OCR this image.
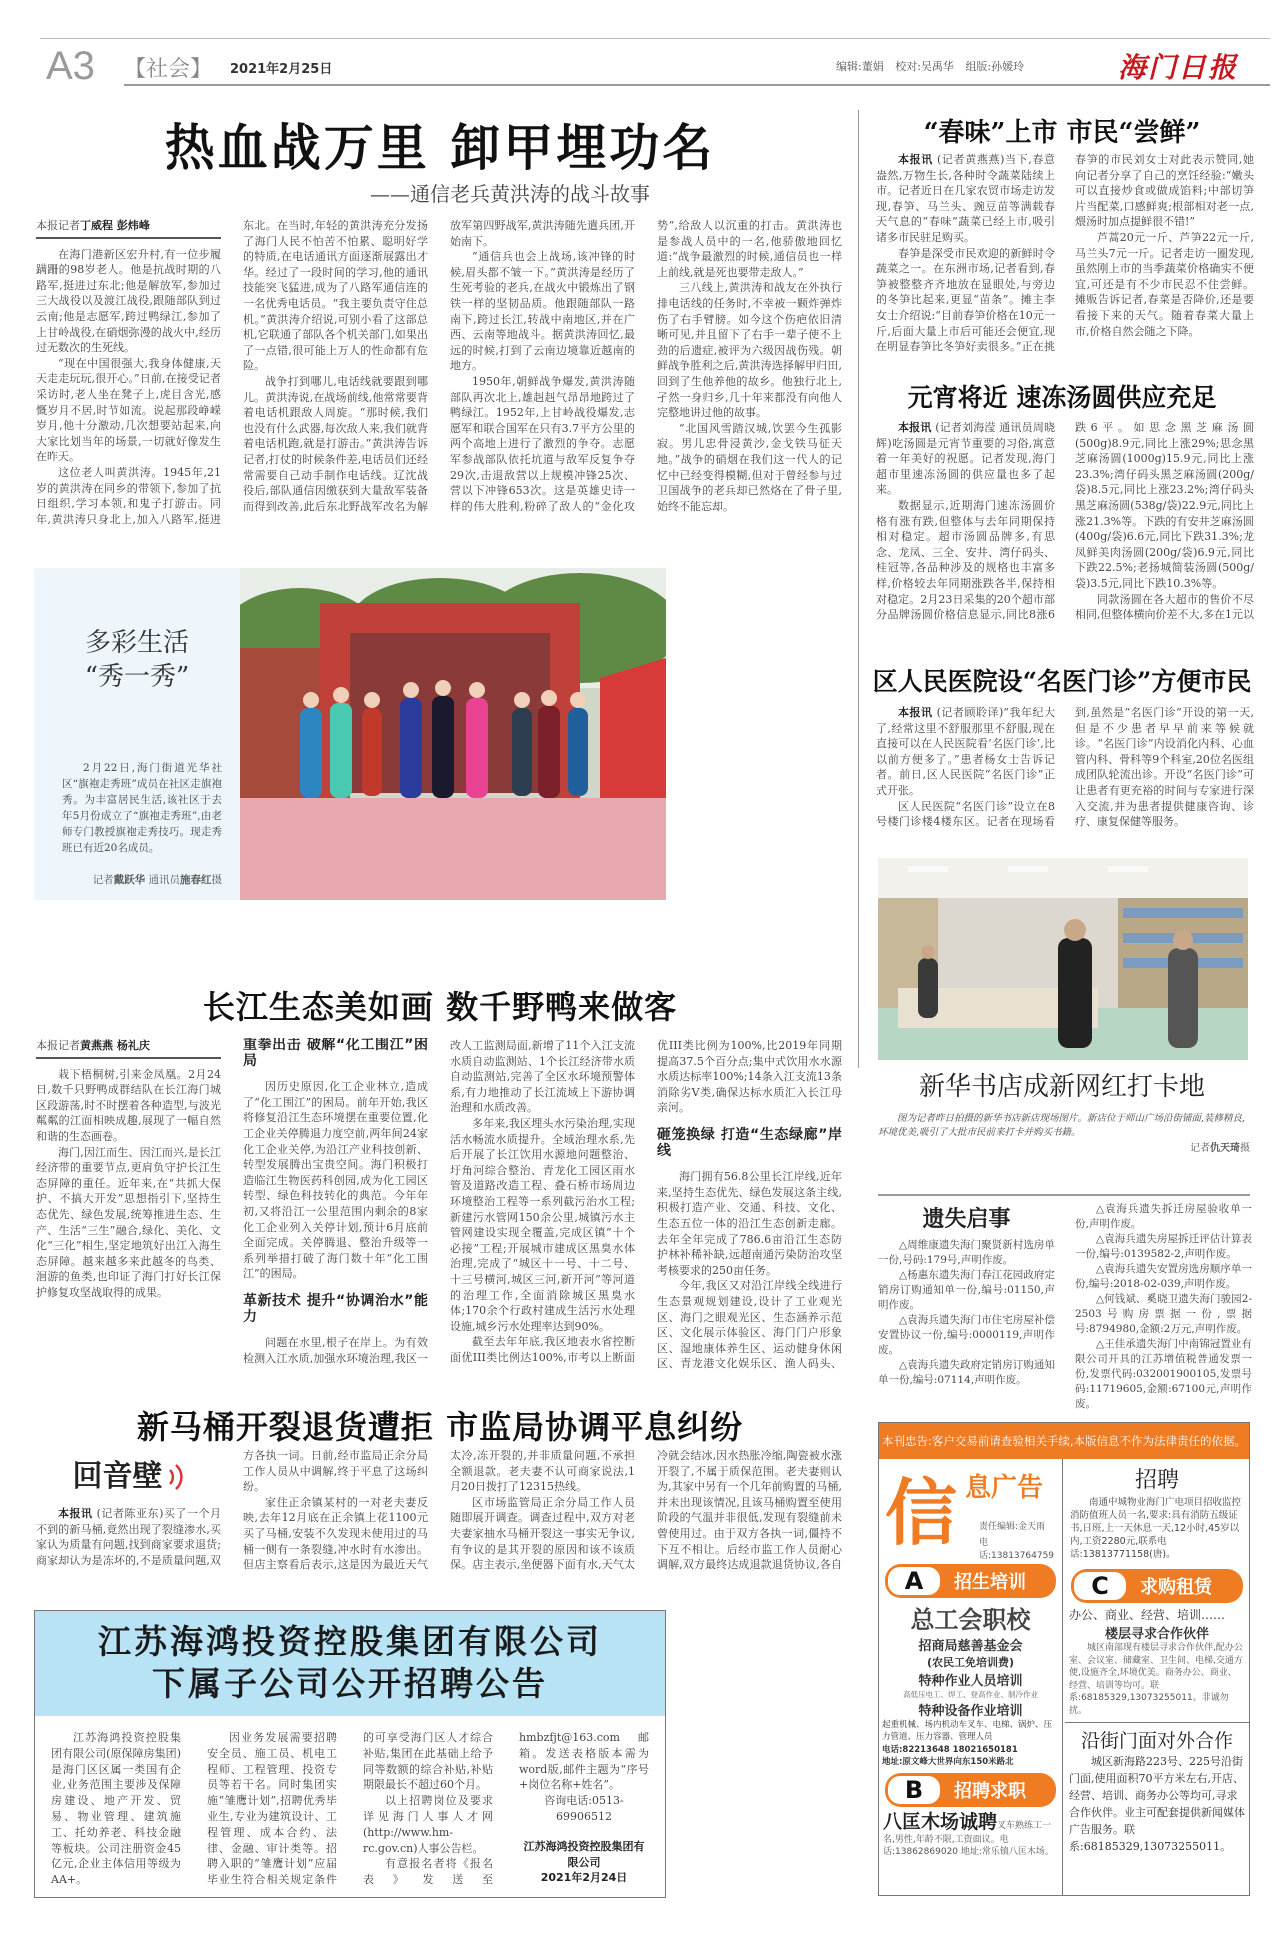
A3 【社会】 2021年2月25日	编辑:董娟 校对:吴禹华 组版:孙媛玲	海门日报
热血战万里 卸甲埋功名
——通信老兵黄洪涛的战斗故事

本报记者丁威程 彭炜峰

在海门港新区宏升村,有一位步履蹒跚的98岁老人。他是抗战时期的八路军,挺进过东北;他是解放军,参加过三大战役以及渡江战役,跟随部队到过云南;他是志愿军,跨过鸭绿江,参加了上甘岭战役,在硝烟弥漫的战火中,经历过无数次的生死线。

“现在中国很强大,我身体健康,天天走走玩玩,很开心。”日前,在接受记者采访时,老人坐在凳子上,虎目含光,感慨岁月不居,时节如流。说起那段峥嵘岁月,他十分激动,几次想要站起来,向大家比划当年的场景,一切就好像发生在昨天。

这位老人叫黄洪涛。1945年,21岁的黄洪涛在同乡的带领下,参加了抗日组织,学习本领,和鬼子打游击。同年,黄洪涛只身北上,加入八路军,挺进东北。在当时,年轻的黄洪涛充分发扬了海门人民不怕苦不怕累、聪明好学的特质,在电话通讯方面逐渐展露出才华。经过了一段时间的学习,他的通讯技能突飞猛进,成为了八路军通信连的一名优秀电话员。“我主要负责守住总机。”黄洪涛介绍说,可别小看了这部总机,它联通了部队各个机关部门,如果出了一点错,很可能上万人的性命都有危险。

战争打到哪儿,电话线就要跟到哪儿。黄洪涛说,在战场前线,他常常要背着电话机跟敌人周旋。“那时候,我们也没有什么武器,每次敌人来,我们就背着电话机跑,就是打游击。”黄洪涛告诉记者,打仗的时候条件差,电话员们还经常需要自己动手制作电话线。辽沈战役后,部队通信因缴获到大量敌军装备而得到改善,此后东北野战军改名为解放军第四野战军,黄洪涛随先遣兵团,开始南下。

“通信兵也会上战场,该冲锋的时候,眉头都不皱一下。”黄洪涛是经历了生死考验的老兵,在战火中锻炼出了钢铁一样的坚韧品质。他跟随部队一路南下,跨过长江,转战中南地区,并在广西、云南等地战斗。据黄洪涛回忆,最远的时候,打到了云南边境靠近越南的地方。

1950年,朝鲜战争爆发,黄洪涛随部队再次北上,雄赳赳气昂昂地跨过了鸭绿江。1952年,上甘岭战役爆发,志愿军和联合国军在只有3.7平方公里的两个高地上进行了激烈的争夺。志愿军参战部队依托坑道与敌军反复争夺29次,击退敌营以上规模冲锋25次、营以下冲锋653次。这是英雄史诗一样的伟大胜利,粉碎了敌人的“金化攻势”,给敌人以沉重的打击。黄洪涛也是参战人员中的一名,他骄傲地回忆道:“战争最激烈的时候,通信员也一样上前线,就是死也要带走敌人。”

三八线上,黄洪涛和战友在外执行排电话线的任务时,不幸被一颗炸弹炸伤了右手臂膀。如今这个伤疤依旧清晰可见,并且留下了右手一辈子使不上劲的后遗症,被评为六级因战伤残。朝鲜战争胜利之后,黄洪涛选择解甲归田,回到了生他养他的故乡。他独行北上,孑然一身归乡,几十年来都没有向他人完整地讲过他的故事。

“北国风雪踏汉城,饮罢今生孤影寂。男儿忠骨浸黄沙,金戈铁马征天地。”战争的硝烟在我们这一代人的记忆中已经变得模糊,但对于曾经参与过卫国战争的老兵却已然烙在了骨子里,始终不能忘却。

多彩生活
“秀一秀”

2月22日,海门街道光华社区“旗袍走秀班”成员在社区走旗袍秀。为丰富居民生活,该社区于去年5月份成立了“旗袍走秀班”,由老师专门教授旗袍走秀技巧。现走秀班已有近20名成员。

记者戴跃华 通讯员施春红摄
“春味”上市 市民“尝鲜”

本报讯 (记者黄燕燕)当下,春意盎然,万物生长,各种时令蔬菜陆续上市。记者近日在几家农贸市场走访发现,春笋、马兰头、豌豆苗等满载春天气息的“春味”蔬菜已经上市,吸引诸多市民驻足购买。

春笋是深受市民欢迎的新鲜时令蔬菜之一。在东洲市场,记者看到,春笋被整整齐齐地放在显眼处,与旁边的冬笋比起来,更显“苗条”。摊主李女士介绍说:“目前春笋价格在10元一斤,后面大量上市后可能还会便宜,现在明显春笋比冬笋好卖很多。”正在挑春笋的市民刘女士对此表示赞同,她向记者分享了自己的烹饪经验:“嫩头可以直接炒食或做成馅料;中部切笋片当配菜,口感鲜爽;根部相对老一点,煨汤时加点提鲜很不错!”

芦蒿20元一斤、芦笋22元一斤,马兰头7元一斤。记者走访一圈发现,虽然刚上市的当季蔬菜价格确实不便宜,可还是有不少市民忍不住尝鲜。摊贩告诉记者,春菜是否降价,还是要看接下来的天气。随着春菜大量上市,价格自然会随之下降。

元宵将近 速冻汤圆供应充足

本报讯 (记者刘海滢 通讯员周晓辉)吃汤圆是元宵节重要的习俗,寓意着一年美好的祝愿。记者发现,海门超市里速冻汤圆的供应量也多了起来。

数据显示,近期海门速冻汤圆价格有涨有跌,但整体与去年同期保持相对稳定。超市汤圆品牌多,有思念、龙凤、三全、安井、湾仔码头、桂冠等,各品种涉及的规格也丰富多样,价格较去年同期涨跌各半,保持相对稳定。2月23日采集的20个超市部分品牌汤圆价格信息显示,同比8涨6跌6平。如思念黑芝麻汤圆(500g)8.9元,同比上涨29%;思念黑芝麻汤圆(1000g)15.9元,同比上涨23.3%;湾仔码头黑芝麻汤圆(200g/袋)8.5元,同比上涨23.2%;湾仔码头黑芝麻汤圆(538g/袋)22.9元,同比上涨21.3%等。下跌的有安井芝麻汤圆(400g/袋)6.6元,同比下跌31.3%;龙凤鲜美肉汤圆(200g/袋)6.9元,同比下跌22.5%;老扬城简装汤圆(500g/袋)3.5元,同比下跌10.3%等。

同款汤圆在各大超市的售价不尽相同,但整体横向价差不大,多在1元以

区人民医院设“名医门诊”方便市民

本报讯 (记者顾聆译)“我年纪大了,经常这里不舒服那里不舒服,现在直接可以在人民医院看‘名医门诊’,比以前方便多了。”患者杨女士告诉记者。前日,区人民医院“名医门诊”正式开张。

区人民医院“名医门诊”设立在8号楼门诊楼4楼东区。记者在现场看到,虽然是“名医门诊”开设的第一天,但是不少患者早早前来等候就诊。“名医门诊”内设消化内科、心血管内科、骨科等9个科室,20位名医组成团队轮流出诊。开设“名医门诊”可让患者有更充裕的时间与专家进行深入交流,并为患者提供健康咨询、诊疗、康复保健等服务。

新华书店成新网红打卡地

图为记者昨日拍摄的新华书店新店现场图片。新店位于师山广场沿街铺面,装修精良,环境优美,吸引了大批市民前来打卡并购买书籍。

记者仇天琦摄
遗失启事

△周维康遗失海门聚贤新村选房单一份,号码:179号,声明作废。

△杨惠东遗失海门春江花园政府定销房订购通知单一份,编号:01150,声明作废。

△袁海兵遗失海门市住宅房屋补偿安置协议一份,编号:0000119,声明作废。

△袁海兵遗失政府定销房订购通知单一份,编号:07114,声明作废。

△袁海兵遗失拆迁房屋验收单一份,声明作废。

△袁海兵遗失房屋拆迁评估计算表一份,编号:0139582-2,声明作废。

△袁海兵遗失安置房选房顺序单一份,编号:2018-02-039,声明作废。

△何钱斌、奚晓卫遗失海门骏园2-2503号购房票据一份,票据号:8794980,金额:2万元,声明作废。

△王佳承遗失海门中南锦冠置业有限公司开具的江苏增值税普通发票一份,发票代码:032001900105,发票号码:11719605,金额:67100元,声明作废。

长江生态美如画 数千野鸭来做客

本报记者黄燕燕 杨礼庆

栽下梧桐树,引来金凤凰。2月24日,数千只野鸭成群结队在长江海门城区段游荡,时不时摆着各种造型,与波光粼粼的江面相映成趣,展现了一幅自然和谐的生态画卷。

海门,因江而生、因江而兴,是长江经济带的重要节点,更肩负守护长江生态屏障的重任。近年来,在“共抓大保护、不搞大开发”思想指引下,坚持生态优先、绿色发展,统筹推进生态、生产、生活“三生”融合,绿化、美化、文化“三化”相生,坚定地筑好出江入海生态屏障。越来越多来此越冬的鸟类、洄游的鱼类,也印证了海门打好长江保护修复攻坚战取得的成果。

重拳出击 破解“化工围江”困局

因历史原因,化工企业林立,造成了“化工围江”的困局。前年开始,我区将修复沿江生态环境摆在重要位置,化工企业关停腾退力度空前,两年间24家化工企业关停,为沿江产业科技创新、转型发展腾出宝贵空间。海门积极打造临江生物医药科创园,成为化工园区转型、绿色科技转化的典范。今年年初,又将沿江一公里范围内剩余的8家化工企业列入关停计划,预计6月底前全面完成。关停腾退、整治升级等一系列举措打破了海门数十年“化工围江”的困局。

革新技术 提升“协调治水”能力

问题在水里,根子在岸上。为有效检测入江水质,加强水环境治理,我区一改人工监测局面,新增了11个入江支流水质自动监测站、1个长江经济带水质自动监测站,完善了全区水环境预警体系,有力地推动了长江流域上下游协调治理和水质改善。

多年来,我区埋头水污染治理,实现活水畅流水质提升。全域治理水系,先后开展了长江饮用水源地问题整治、圩角河综合整治、青龙化工园区雨水管及道路改造工程、叠石桥市场周边环境整治工程等一系列截污治水工程;新建污水管网150余公里,城镇污水主管网建设实现全覆盖,完成区镇“十个必接”工程;开展城市建成区黑臭水体治理,完成了“城区十一号、十二号、十三号横河,城区三河,新开河”等河道的治理工作,全面消除城区黑臭水体;170余个行政村建成生活污水处理设施,城乡污水处理率达到90%。

截至去年年底,我区地表水省控断面优III类比例达100%,市考以上断面优III类比例为100%,比2019年同期提高37.5个百分点;集中式饮用水水源水质达标率100%;14条入江支流13条消除劣V类,确保达标水质汇入长江母亲河。

砸笼换绿 打造“生态绿廊”岸线

海门拥有56.8公里长江岸线,近年来,坚持生态优先、绿色发展这条主线,积极打造产业、交通、科技、文化、生态五位一体的沿江生态创新走廊。去年全年完成了786.6亩沿江生态防护林补稀补缺,远超南通污染防治攻坚考核要求的250亩任务。

今年,我区又对沿江岸线全线进行生态景观规划建设,设计了工业观光区、海门之眼观光区、生态涵养示范区、文化展示体验区、海门门户形象区、湿地康体养生区、运动健身休闲区、青龙港文化娱乐区、渔人码头、

新马桶开裂退货遭拒 市监局协调平息纠纷
回音壁

本报讯 (记者陈亚东)买了一个月不到的新马桶,竟然出现了裂缝渗水,买家认为质量有问题,找到商家要求退货;商家却认为是冻坏的,不是质量问题,双方各执一词。日前,经市监局正余分局工作人员从中调解,终于平息了这场纠纷。

家住正余镇某村的一对老夫妻反映,去年12月底在正余镇上花1100元买了马桶,安装不久发现未使用过的马桶一侧有一条裂缝,冲水时有水渗出。但店主察看后表示,这是因为最近天气太冷,冻开裂的,并非质量问题,不承担全额退款。老夫妻不认可商家说法,1月20日拨打了12315热线。

区市场监管局正余分局工作人员随即展开调查。调查过程中,双方对老夫妻家抽水马桶开裂这一事实无争议,有争议的是其开裂的原因和该不该质保。店主表示,坐便器下面有水,天气太冷就会结冰,因水热胀冷缩,陶瓷被水涨开裂了,不属于质保范围。老夫妻则认为,其家中另有一个几年前购置的马桶,并未出现该情况,且该马桶购置至使用阶段的气温并非很低,发现有裂缝前未曾使用过。由于双方各执一词,僵持不下互不相让。后经市监工作人员耐心调解,双方最终达成退款退货协议,各自

江苏海鸿投资控股集团有限公司
下属子公司公开招聘公告

江苏海鸿投资控股集团有限公司(原保障房集团)是海门区区属一类国有企业,业务范围主要涉及保障房建设、地产开发、贸易、物业管理、建筑施工、托幼养老、科技金融等板块。公司注册资金45亿元,企业主体信用等级为AA+。

因业务发展需要招聘安全员、施工员、机电工程师、工程管理、投资专员等若干名。同时集团实施“雏鹰计划”,招聘优秀毕业生,专业为建筑设计、工程管理、成本合约、法律、金融、审计类等。招聘入职的“雏鹰计划”应届毕业生符合相关规定条件的可享受海门区人才综合补贴,集团在此基础上给予同等数额的综合补贴,补贴期限最长不超过60个月。

以上招聘岗位及要求详见海门人事人才网(http://www.hm-rc.gov.cn)人事公告栏。

有意报名者将《报名表》发送至hmbzfjt@163.com邮箱。发送表格版本需为word版,邮件主题为“序号+岗位名称+姓名”。

咨询电话:0513-69906512

江苏海鸿投资控股集团有限公司

2021年2月24日

本刊忠告:客户交易前请查验相关手续,本版信息不作为法律责任的依据。
信 息广告
责任编辑:金天雨
电话:13813764759
A	招生培训
总工会职校
招商局慈善基金会
(农民工免培训费)
特种作业人员培训
高低压电工、焊工、登高作业、制冷作业
特种设备作业培训
起重机械、场内机动车叉车、电梯、锅炉、压力管道、压力容器、管理人员
电话:82213648 18021650181
地址:原文峰大世界向东150米路北
B	招聘求职
八匡木场诚聘叉车熟练工一名,男性,年龄不限,工资面议。电话:13862869020 地址:常乐镇八匡木场。
招聘

南通中城物业海门广电项目招收监控消防值班人员一名,要求:具有消防五级证书,日班,上一天休息一天,12小时,45岁以内,工资2280元,联系电话:13813771158(唐)。

C	求购租赁
办公、商业、经营、培训……
楼层寻求合作伙伴

城区南部现有楼层寻求合作伙伴,配办公室、会议室、储藏室、卫生间、电梯,交通方便,设施齐全,环境优美。商务办公、商业、经营、培训等均可。联系:68185329,13073255011。非诚勿扰。

沿街门面对外合作

城区新海路223号、225号沿街门面,使用面积70平方米左右,开店、经营、培训、商务办公等均可,寻求合作伙伴。业主可配套提供新闻媒体广告服务。联系:68185329,13073255011。
